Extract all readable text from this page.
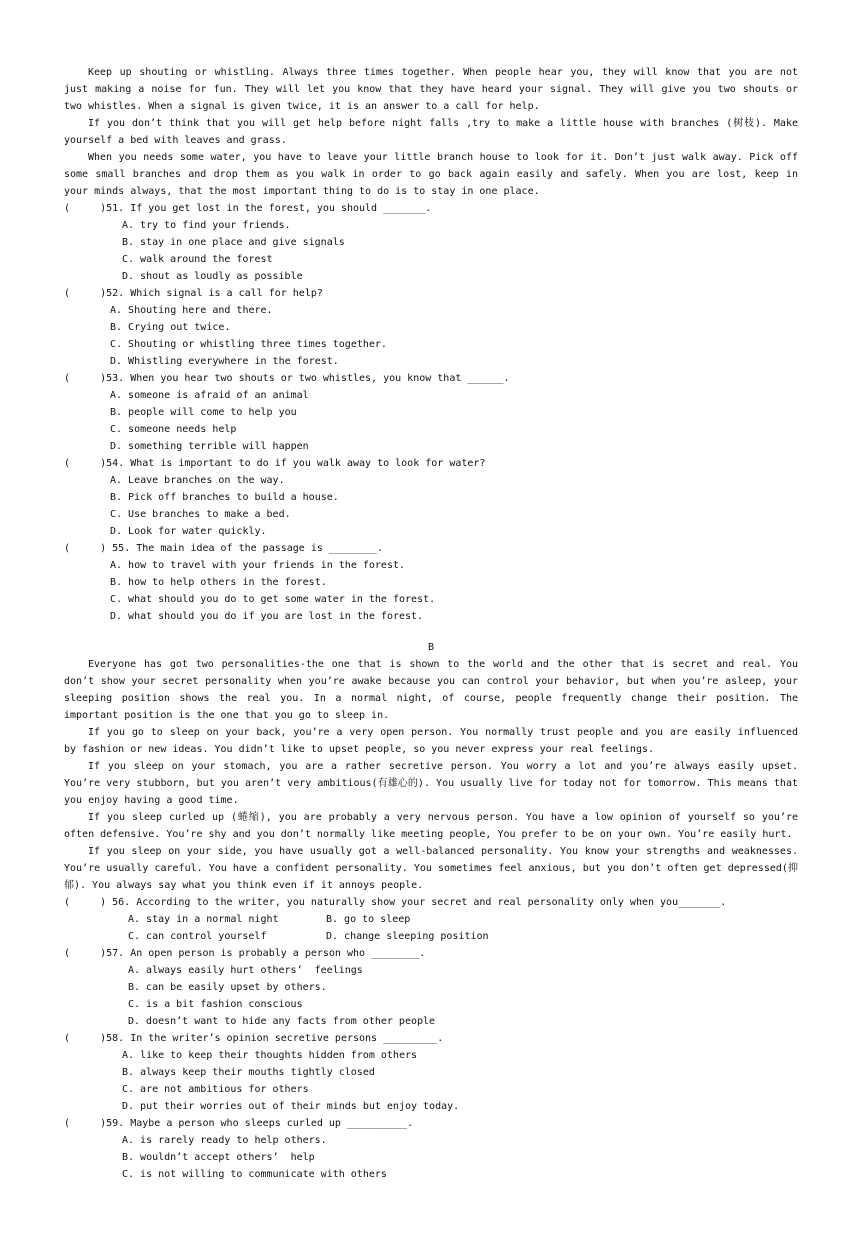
Keep up shouting or whistling. Always three times together. When people hear you, they will know that you are not just making a noise for fun. They will let you know that they have heard your signal. They will give you two shouts or two whistles. When a signal is given twice, it is an answer to a call for help.
If you don’t think that you will get help before night falls ,try to make a little house with branches (树枝). Make yourself a bed with leaves and grass.
When you needs some water, you have to leave your little branch house to look for it. Don’t just walk away. Pick off some small branches and drop them as you walk in order to go back again easily and safely. When you are lost, keep in your minds always, that the most important thing to do is to stay in one place.
(     )51. If you get lost in the forest, you should _______.
A. try to find your friends.
B. stay in one place and give signals
C. walk around the forest
D. shout as loudly as possible
(     )52. Which signal is a call for help?
A. Shouting here and there.
B. Crying out twice.
C. Shouting or whistling three times together.
D. Whistling everywhere in the forest.
(     )53. When you hear two shouts or two whistles, you know that ______.
A. someone is afraid of an animal
B. people will come to help you
C. someone needs help
D. something terrible will happen
(     )54. What is important to do if you walk away to look for water?
A. Leave branches on the way.
B. Pick off branches to build a house.
C. Use branches to make a bed.
D. Look for water quickly.
(     ) 55. The main idea of the passage is ________.
A. how to travel with your friends in the forest.
B. how to help others in the forest.
C. what should you do to get some water in the forest.
D. what should you do if you are lost in the forest.
B
Everyone has got two personalities-the one that is shown to the world and the other that is secret and real. You don’t show your secret personality when you’re awake because you can control your behavior, but when you’re asleep, your sleeping position shows the real you. In a normal night, of course, people frequently change their position. The important position is the one that you go to sleep in.
If you go to sleep on your back, you’re a very open person. You normally trust people and you are easily influenced by fashion or new ideas. You didn’t like to upset people, so you never express your real feelings.
If you sleep on your stomach, you are a rather secretive person. You worry a lot and you’re always easily upset. You’re very stubborn, but you aren’t very ambitious(有雄心的). You usually live for today not for tomorrow. This means that you enjoy having a good time.
If you sleep curled up (蜷缩), you are probably a very nervous person. You have a low opinion of yourself so you’re often defensive. You’re shy and you don’t normally like meeting people, You prefer to be on your own. You’re easily hurt.
If you sleep on your side, you have usually got a well-balanced personality. You know your strengths and weaknesses. You’re usually careful. You have a confident personality. You sometimes feel anxious, but you don’t often get depressed(抑郁). You always say what you think even if it annoys people.
(     ) 56. According to the writer, you naturally show your secret and real personality only when you_______.
A. stay in a normal night	B. go to sleep
C. can control yourself	D. change sleeping position
(     )57. An open person is probably a person who ________.
A. always easily hurt others’  feelings
B. can be easily upset by others.
C. is a bit fashion conscious
D. doesn’t want to hide any facts from other people
(     )58. In the writer’s opinion secretive persons _________.
A. like to keep their thoughts hidden from others
B. always keep their mouths tightly closed
C. are not ambitious for others
D. put their worries out of their minds but enjoy today.
(     )59. Maybe a person who sleeps curled up __________.
A. is rarely ready to help others.
B. wouldn’t accept others’  help
C. is not willing to communicate with others
